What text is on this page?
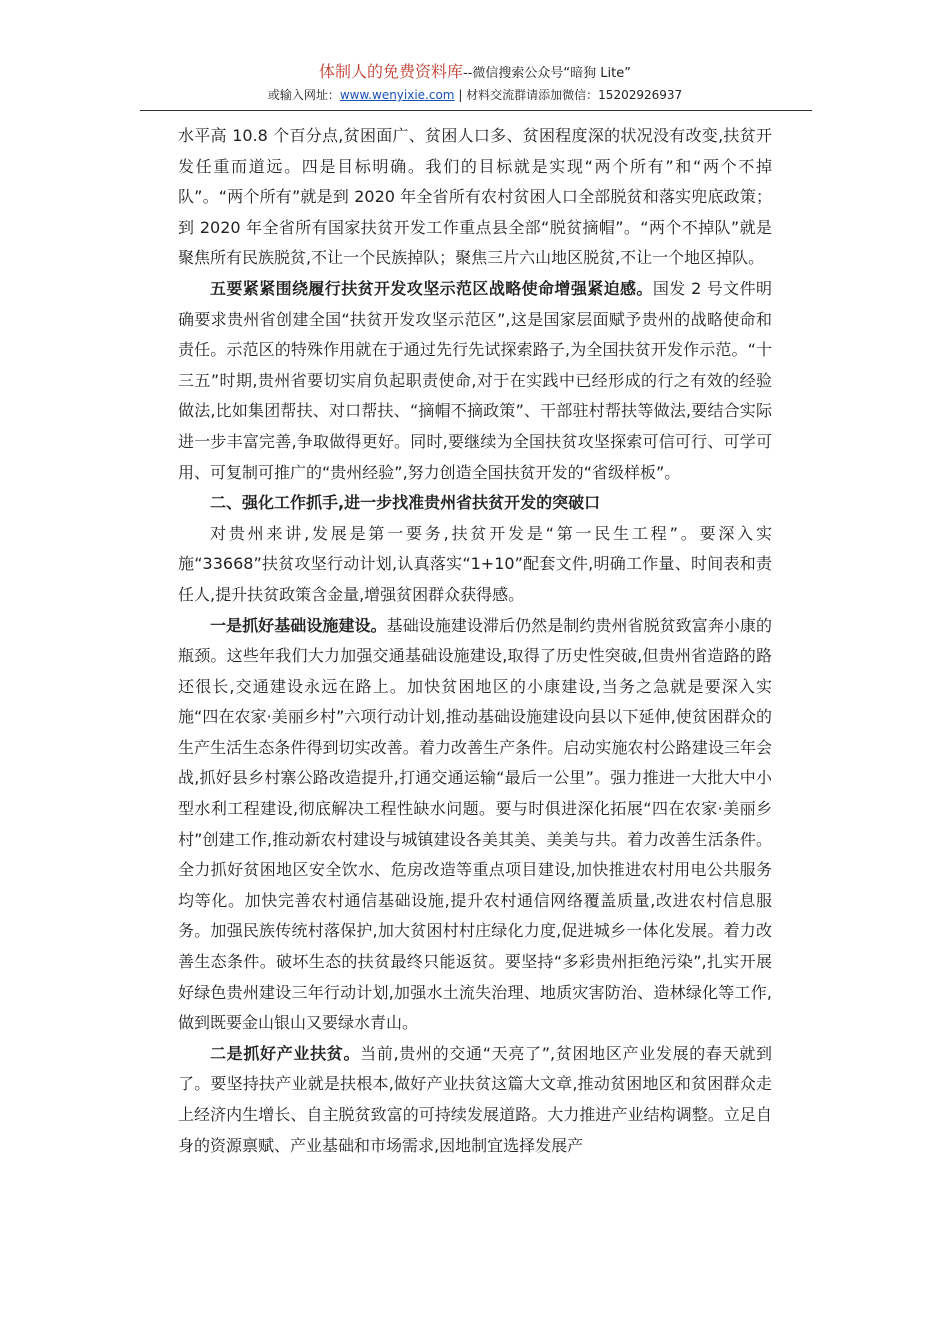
体制人的免费资料库--微信搜索公众号“暗狗 Lite”
或输入网址：www.wenyixie.com | 材料交流群请添加微信：15202926937

水平高 10.8 个百分点,贫困面广、贫困人口多、贫困程度深的状况没有改变,扶贫开发任重而道远。四是目标明确。我们的目标就是实现“两个所有”和“两个不掉队”。“两个所有”就是到 2020 年全省所有农村贫困人口全部脱贫和落实兜底政策；到 2020 年全省所有国家扶贫开发工作重点县全部“脱贫摘帽”。“两个不掉队”就是聚焦所有民族脱贫,不让一个民族掉队；聚焦三片六山地区脱贫,不让一个地区掉队。

五要紧紧围绕履行扶贫开发攻坚示范区战略使命增强紧迫感。国发 2 号文件明确要求贵州省创建全国“扶贫开发攻坚示范区”,这是国家层面赋予贵州的战略使命和责任。示范区的特殊作用就在于通过先行先试探索路子,为全国扶贫开发作示范。“十三五”时期,贵州省要切实肩负起职责使命,对于在实践中已经形成的行之有效的经验做法,比如集团帮扶、对口帮扶、“摘帽不摘政策”、干部驻村帮扶等做法,要结合实际进一步丰富完善,争取做得更好。同时,要继续为全国扶贫攻坚探索可信可行、可学可用、可复制可推广的“贵州经验”,努力创造全国扶贫开发的“省级样板”。

二、强化工作抓手,进一步找准贵州省扶贫开发的突破口

对贵州来讲,发展是第一要务,扶贫开发是“第一民生工程”。要深入实施“33668”扶贫攻坚行动计划,认真落实“1+10”配套文件,明确工作量、时间表和责任人,提升扶贫政策含金量,增强贫困群众获得感。

一是抓好基础设施建设。基础设施建设滞后仍然是制约贵州省脱贫致富奔小康的瓶颈。这些年我们大力加强交通基础设施建设,取得了历史性突破,但贵州省造路的路还很长,交通建设永远在路上。加快贫困地区的小康建设,当务之急就是要深入实施“四在农家·美丽乡村”六项行动计划,推动基础设施建设向县以下延伸,使贫困群众的生产生活生态条件得到切实改善。着力改善生产条件。启动实施农村公路建设三年会战,抓好县乡村寨公路改造提升,打通交通运输“最后一公里”。强力推进一大批大中小型水利工程建设,彻底解决工程性缺水问题。要与时俱进深化拓展“四在农家·美丽乡村”创建工作,推动新农村建设与城镇建设各美其美、美美与共。着力改善生活条件。全力抓好贫困地区安全饮水、危房改造等重点项目建设,加快推进农村用电公共服务均等化。加快完善农村通信基础设施,提升农村通信网络覆盖质量,改进农村信息服务。加强民族传统村落保护,加大贫困村村庄绿化力度,促进城乡一体化发展。着力改善生态条件。破坏生态的扶贫最终只能返贫。要坚持“多彩贵州拒绝污染”,扎实开展好绿色贵州建设三年行动计划,加强水土流失治理、地质灾害防治、造林绿化等工作,做到既要金山银山又要绿水青山。

二是抓好产业扶贫。当前,贵州的交通“天亮了”,贫困地区产业发展的春天就到了。要坚持扶产业就是扶根本,做好产业扶贫这篇大文章,推动贫困地区和贫困群众走上经济内生增长、自主脱贫致富的可持续发展道路。大力推进产业结构调整。立足自身的资源禀赋、产业基础和市场需求,因地制宜选择发展产
